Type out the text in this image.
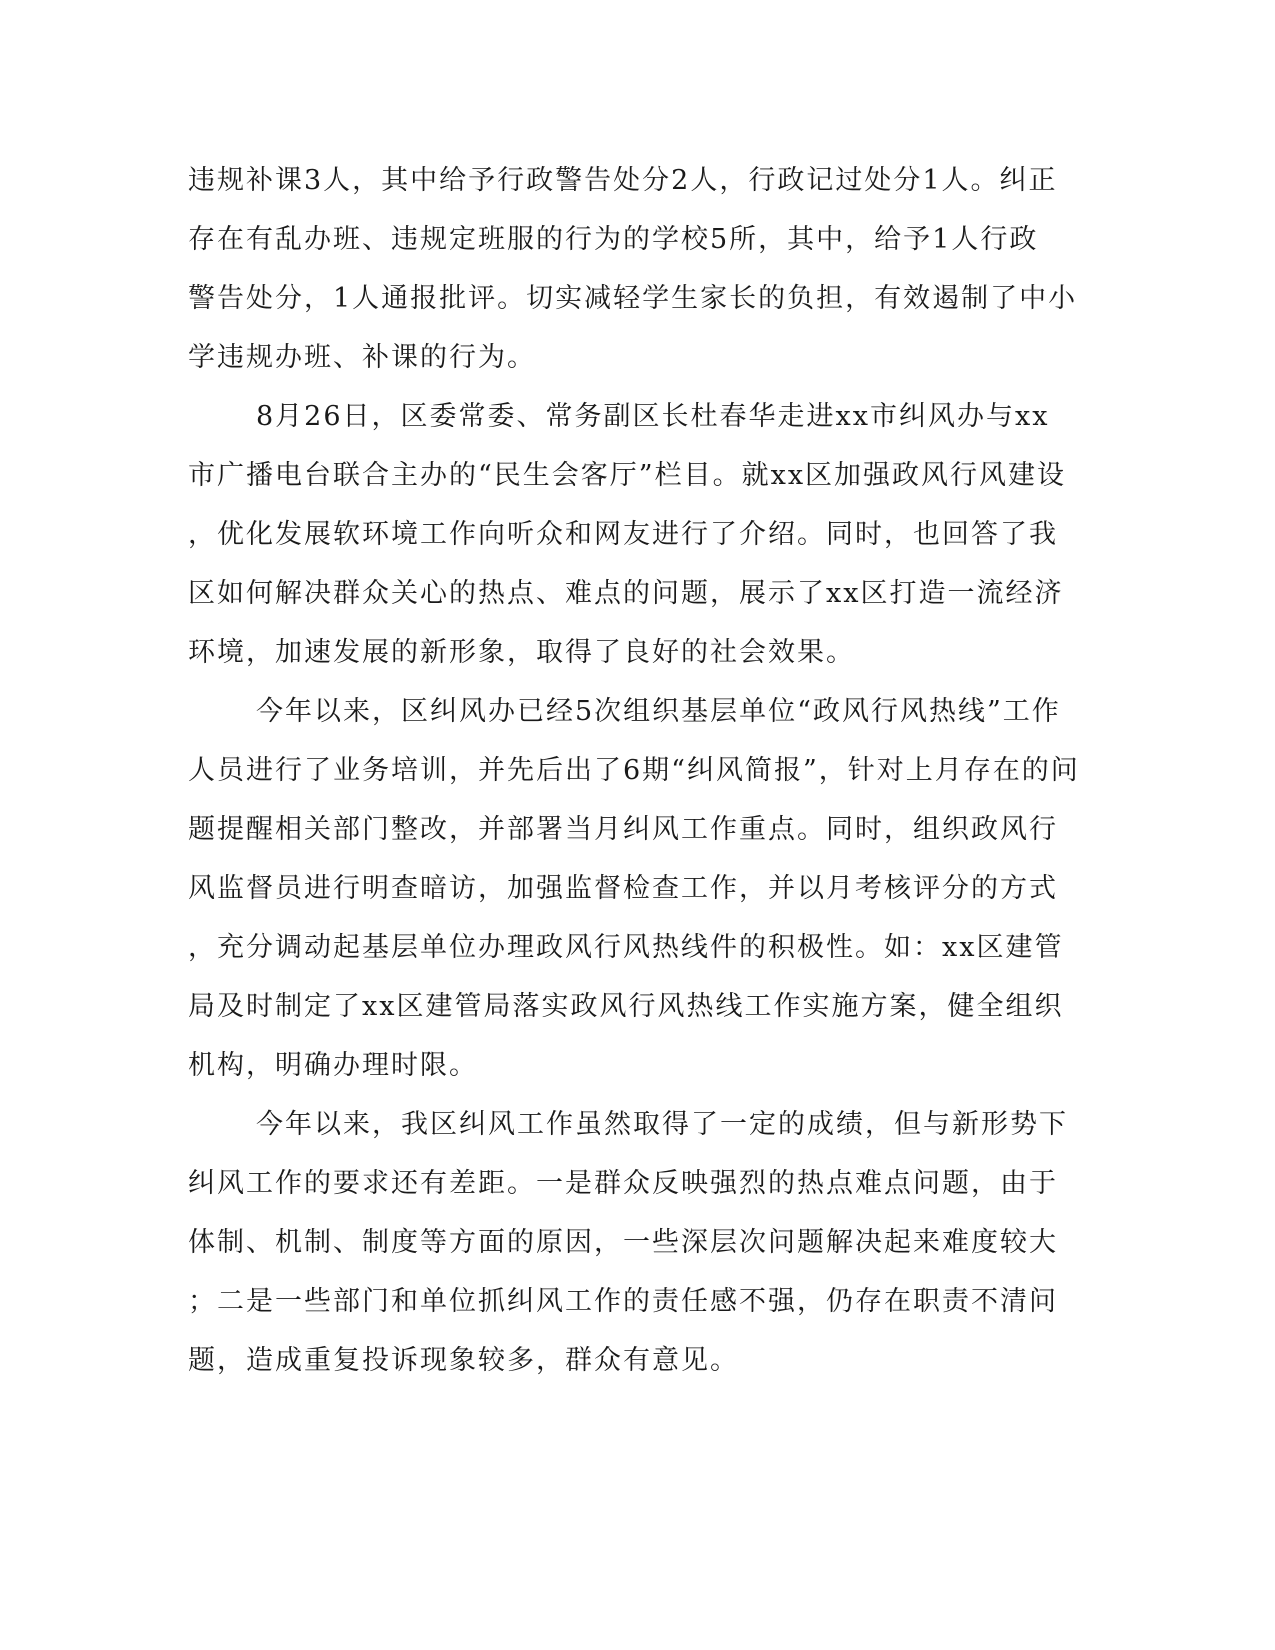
违规补课3人，其中给予行政警告处分2人，行政记过处分1人。纠正
存在有乱办班、违规定班服的行为的学校5所，其中，给予1人行政
警告处分，1人通报批评。切实减轻学生家长的负担，有效遏制了中小
学违规办班、补课的行为。
8月26日，区委常委、常务副区长杜春华走进xx市纠风办与xx
市广播电台联合主办的“民生会客厅”栏目。就xx区加强政风行风建设
，优化发展软环境工作向听众和网友进行了介绍。同时，也回答了我
区如何解决群众关心的热点、难点的问题，展示了xx区打造一流经济
环境，加速发展的新形象，取得了良好的社会效果。
今年以来，区纠风办已经5次组织基层单位“政风行风热线”工作
人员进行了业务培训，并先后出了6期“纠风简报”，针对上月存在的问
题提醒相关部门整改，并部署当月纠风工作重点。同时，组织政风行
风监督员进行明查暗访，加强监督检查工作，并以月考核评分的方式
，充分调动起基层单位办理政风行风热线件的积极性。如：xx区建管
局及时制定了xx区建管局落实政风行风热线工作实施方案，健全组织
机构，明确办理时限。
今年以来，我区纠风工作虽然取得了一定的成绩，但与新形势下
纠风工作的要求还有差距。一是群众反映强烈的热点难点问题，由于
体制、机制、制度等方面的原因，一些深层次问题解决起来难度较大
；二是一些部门和单位抓纠风工作的责任感不强，仍存在职责不清问
题，造成重复投诉现象较多，群众有意见。
